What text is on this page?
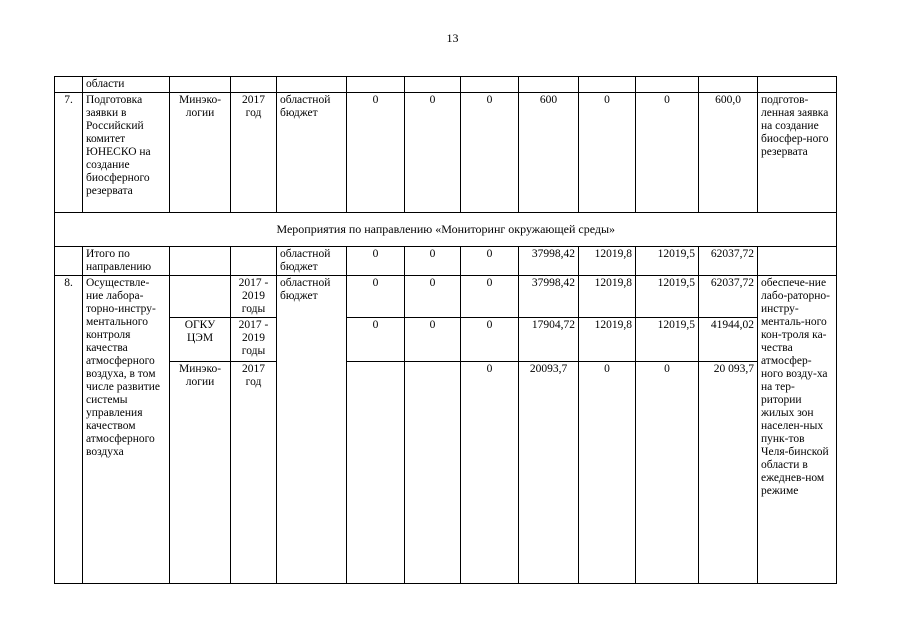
13
	области											
7.	Подготовка заявки в Российский комитет ЮНЕСКО на создание биосферного резервата	Минэко-логии	2017 год	областной бюджет	0	0	0	600	0	0	600,0	подготов-ленная заявка на создание биосфер-ного резервата
	Мероприятия по направлению «Мониторинг окружающей среды»											
	Итого по направлению			областной бюджет	0	0	0	37998,42	12019,8	12019,5	62037,72	
8.	Осуществле-ние лабора-торно-инстру-ментального контроля качества атмосферного воздуха, в том числе развитие системы управления качеством атмосферного воздуха		2017 - 2019 годы	областной бюджет	0	0	0	37998,42	12019,8	12019,5	62037,72	обеспече-ние лабо-раторно-инстру-менталь-ного кон-троля ка-чества атмосфер-ного возду-ха на тер-ритории жилых зон населен-ных пунк-тов Челя-бинской области в ежеднев-ном режиме
		ОГКУ ЦЭМ	2017 - 2019 годы		0	0	0	17904,72	12019,8	12019,5	41944,02	
		Минэко-логии	2017 год				0	20093,7	0	0	20 093,7	
